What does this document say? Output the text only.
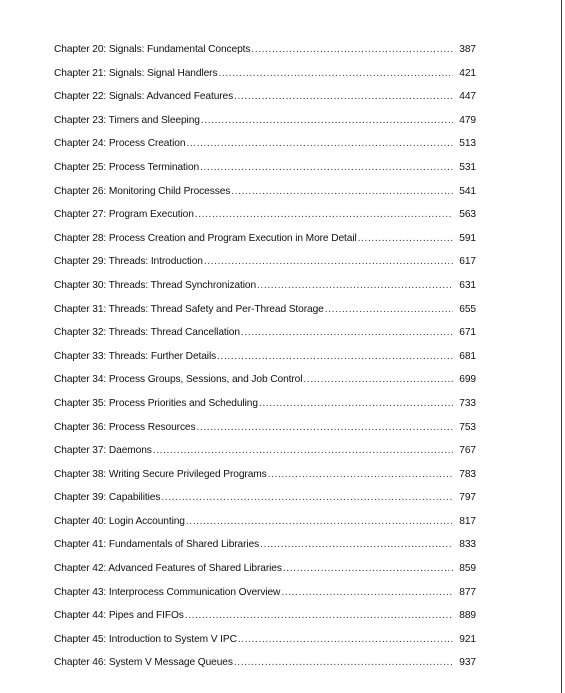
Chapter 20: Signals: Fundamental Concepts .....	387
Chapter 21: Signals: Signal Handlers .....	421
Chapter 22: Signals: Advanced Features .....	447
Chapter 23: Timers and Sleeping .....	479
Chapter 24: Process Creation .....	513
Chapter 25: Process Termination .....	531
Chapter 26: Monitoring Child Processes .....	541
Chapter 27: Program Execution .....	563
Chapter 28: Process Creation and Program Execution in More Detail .....	591
Chapter 29: Threads: Introduction .....	617
Chapter 30: Threads: Thread Synchronization .....	631
Chapter 31: Threads: Thread Safety and Per-Thread Storage .....	655
Chapter 32: Threads: Thread Cancellation .....	671
Chapter 33: Threads: Further Details .....	681
Chapter 34: Process Groups, Sessions, and Job Control .....	699
Chapter 35: Process Priorities and Scheduling .....	733
Chapter 36: Process Resources .....	753
Chapter 37: Daemons .....	767
Chapter 38: Writing Secure Privileged Programs .....	783
Chapter 39: Capabilities .....	797
Chapter 40: Login Accounting .....	817
Chapter 41: Fundamentals of Shared Libraries .....	833
Chapter 42: Advanced Features of Shared Libraries .....	859
Chapter 43: Interprocess Communication Overview .....	877
Chapter 44: Pipes and FIFOs .....	889
Chapter 45: Introduction to System V IPC .....	921
Chapter 46: System V Message Queues .....	937
